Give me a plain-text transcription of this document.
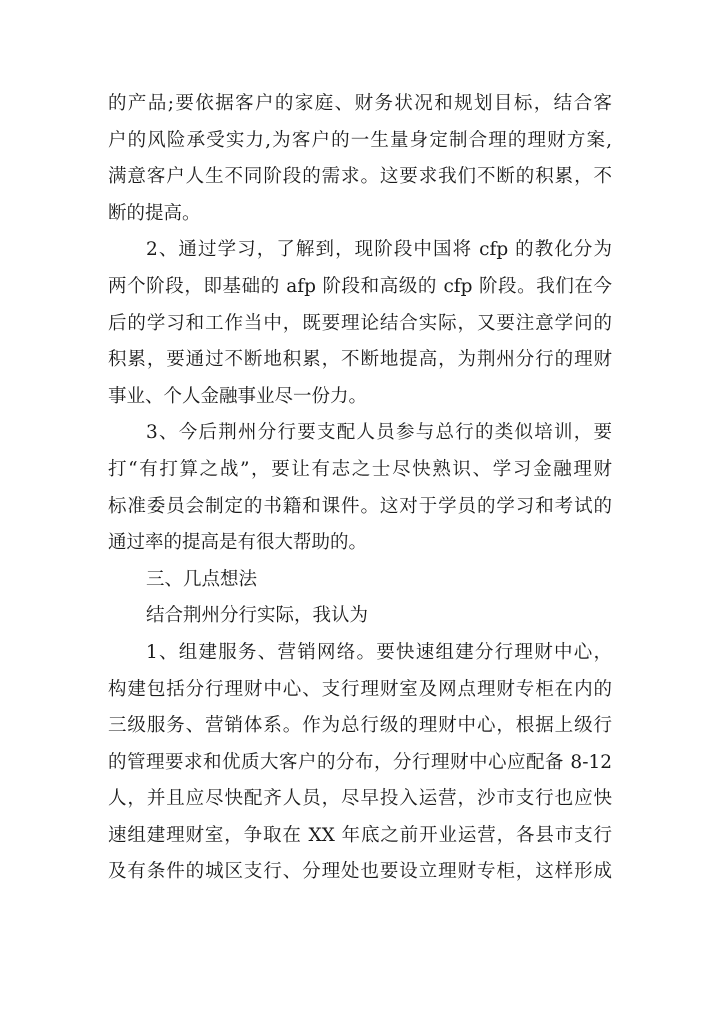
的产品;要依据客户的家庭、财务状况和规划目标，结合客
户的风险承受实力,为客户的一生量身定制合理的理财方案,
满意客户人生不同阶段的需求。这要求我们不断的积累，不
断的提高。
2、通过学习，了解到，现阶段中国将 cfp 的教化分为
两个阶段，即基础的 afp 阶段和高级的 cfp 阶段。我们在今
后的学习和工作当中，既要理论结合实际，又要注意学问的
积累，要通过不断地积累，不断地提高，为荆州分行的理财
事业、个人金融事业尽一份力。
3、今后荆州分行要支配人员参与总行的类似培训，要
打“有打算之战”，要让有志之士尽快熟识、学习金融理财
标准委员会制定的书籍和课件。这对于学员的学习和考试的
通过率的提高是有很大帮助的。
三、几点想法
结合荆州分行实际，我认为
1、组建服务、营销网络。要快速组建分行理财中心，
构建包括分行理财中心、支行理财室及网点理财专柜在内的
三级服务、营销体系。作为总行级的理财中心，根据上级行
的管理要求和优质大客户的分布，分行理财中心应配备 8-12
人，并且应尽快配齐人员，尽早投入运营，沙市支行也应快
速组建理财室，争取在 XX 年底之前开业运营，各县市支行
及有条件的城区支行、分理处也要设立理财专柜，这样形成
